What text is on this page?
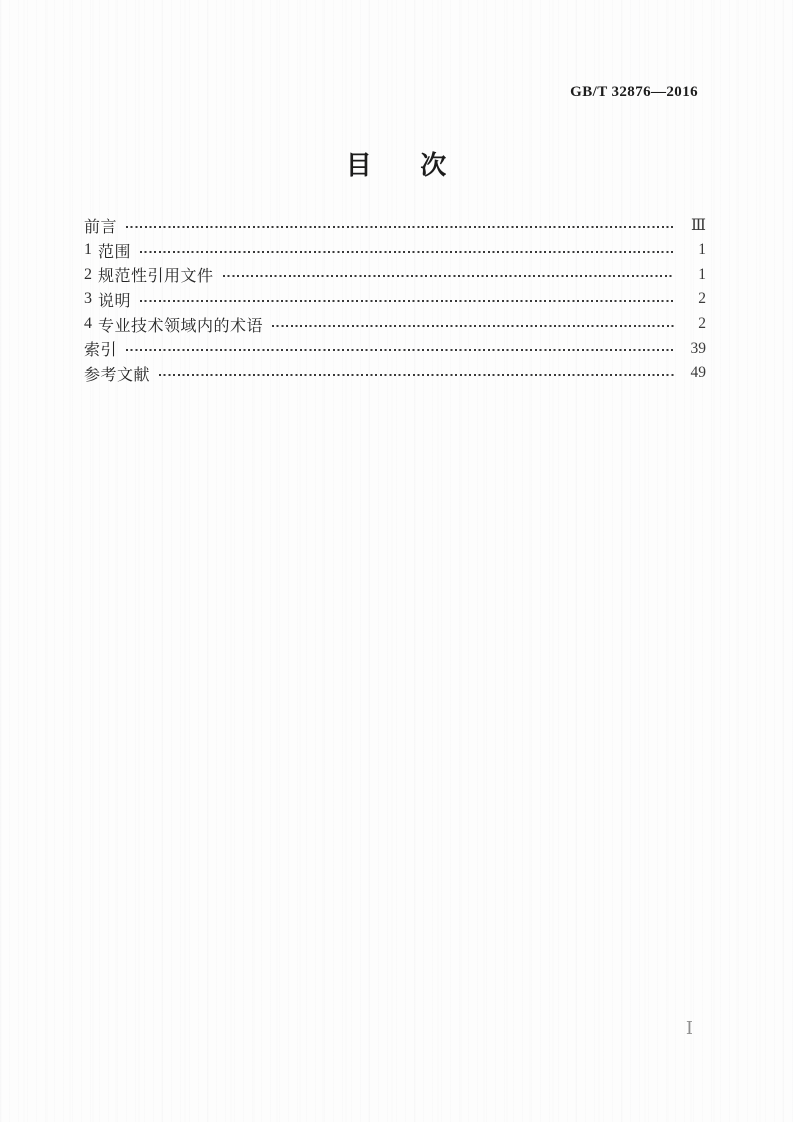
GB/T 32876—2016
目 次
前言	Ⅲ
1 范围	1
2 规范性引用文件	1
3 说明	2
4 专业技术领域内的术语	2
索引	39
参考文献	49
Ⅰ
